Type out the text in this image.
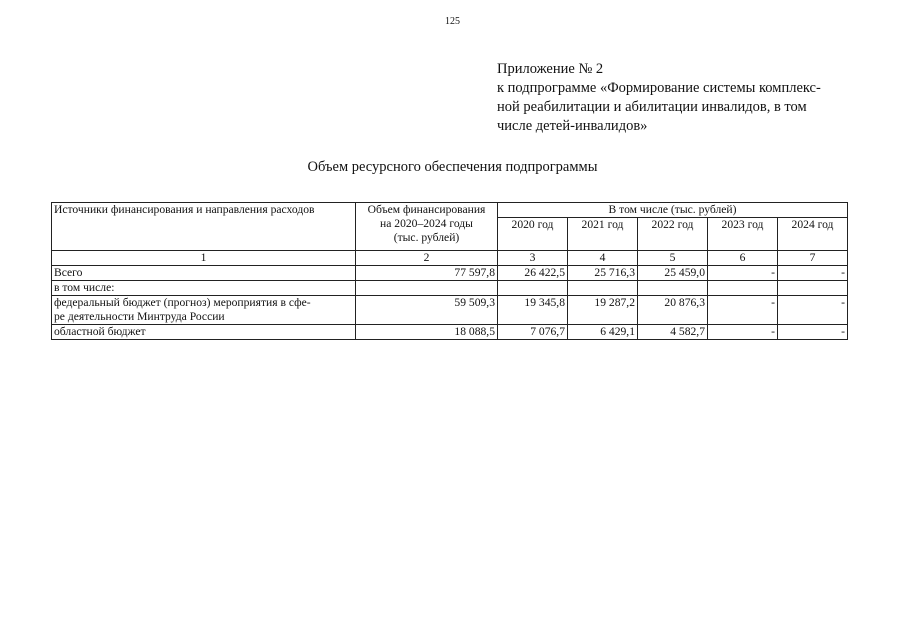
125
Приложение № 2
к подпрограмме «Формирование системы комплекс-
ной реабилитации и абилитации инвалидов, в том
числе детей-инвалидов»
Объем ресурсного обеспечения подпрограммы
Источники финансирования и направления расходов	Объем финансирования
на 2020–2024 годы
(тыс. рублей)	В том числе (тыс. рублей)				
		2020 год	2021 год	2022 год	2023 год	2024 год
1	2	3	4	5	6	7
Всего	77 597,8	26 422,5	25 716,3	25 459,0	-	-
в том числе:						

федеральный бюджет (прогноз) мероприятия в сфе-
ре деятельности Минтруда России	59 509,3	19 345,8	19 287,2	20 876,3	-	-
областной бюджет	18 088,5	7 076,7	6 429,1	4 582,7	-	-
